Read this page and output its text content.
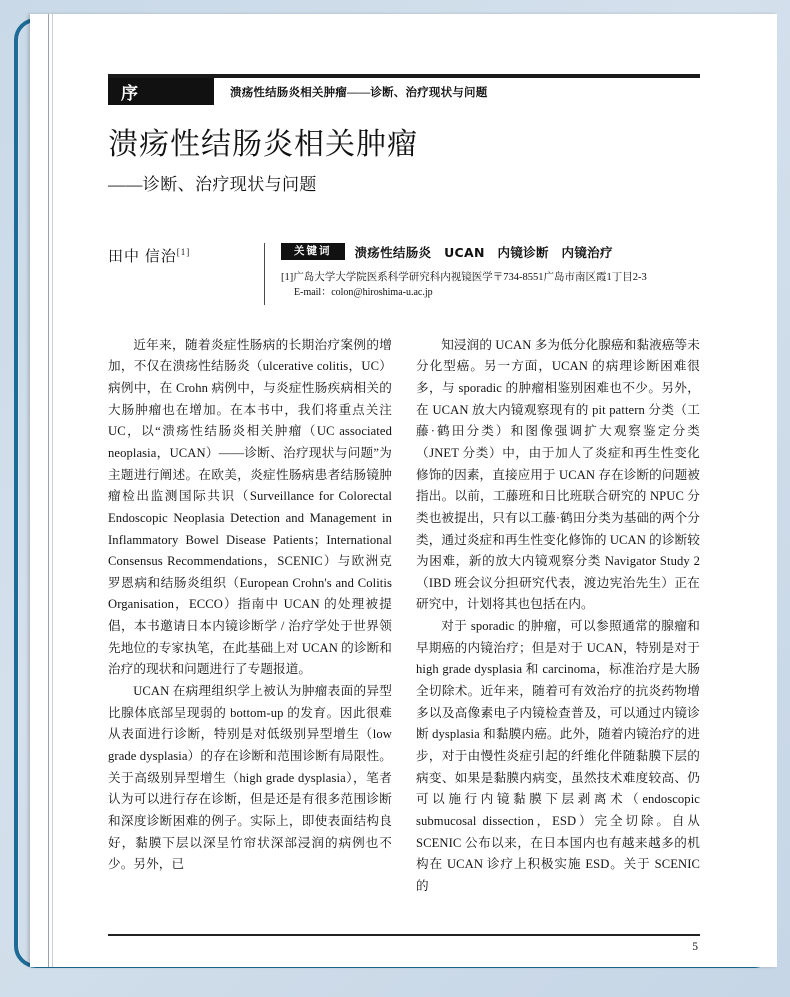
序	溃疡性结肠炎相关肿瘤——诊断、治疗现状与问题
溃疡性结肠炎相关肿瘤
——诊断、治疗现状与问题
田中 信治[1]	关键词	溃疡性结肠炎　UCAN　内镜诊断　内镜治疗
[1]广岛大学大学院医系科学研究科内视镜医学〒734-8551广岛市南区霞1丁目2-3
E-mail：colon@hiroshima-u.ac.jp

近年来，随着炎症性肠病的长期治疗案例的增加，不仅在溃疡性结肠炎（ulcerative colitis，UC）病例中，在 Crohn 病例中，与炎症性肠疾病相关的大肠肿瘤也在增加。在本书中，我们将重点关注 UC，以“溃疡性结肠炎相关肿瘤（UC associated neoplasia，UCAN）——诊断、治疗现状与问题”为主题进行阐述。在欧美，炎症性肠病患者结肠镜肿瘤检出监测国际共识（Surveillance for Colorectal Endoscopic Neoplasia Detection and Management in Inflammatory Bowel Disease Patients；International Consensus Recommendations，SCENIC）与欧洲克罗恩病和结肠炎组织（European Crohn's and Colitis Organisation，ECCO）指南中 UCAN 的处理被提倡，本书邀请日本内镜诊断学 / 治疗学处于世界领先地位的专家执笔，在此基础上对 UCAN 的诊断和治疗的现状和问题进行了专题报道。

UCAN 在病理组织学上被认为肿瘤表面的异型比腺体底部呈现弱的 bottom-up 的发育。因此很难从表面进行诊断，特别是对低级别异型增生（low grade dysplasia）的存在诊断和范围诊断有局限性。关于高级别异型增生（high grade dysplasia），笔者认为可以进行存在诊断，但是还是有很多范围诊断和深度诊断困难的例子。实际上，即使表面结构良好，黏膜下层以深呈竹帘状深部浸润的病例也不少。另外，已

知浸润的 UCAN 多为低分化腺癌和黏液癌等未分化型癌。另一方面，UCAN 的病理诊断困难很多，与 sporadic 的肿瘤相鉴别困难也不少。另外，在 UCAN 放大内镜观察现有的 pit pattern 分类（工藤·鹤田分类）和图像强调扩大观察鉴定分类（JNET 分类）中，由于加人了炎症和再生性变化修饰的因素，直接应用于 UCAN 存在诊断的问题被指出。以前，工藤班和日比班联合研究的 NPUC 分类也被提出，只有以工藤·鹤田分类为基础的两个分类，通过炎症和再生性变化修饰的 UCAN 的诊断较为困难，新的放大内镜观察分类 Navigator Study 2（IBD 班会议分担研究代表，渡边宪治先生）正在研究中，计划将其也包括在内。

对于 sporadic 的肿瘤，可以参照通常的腺瘤和早期癌的内镜治疗；但是对于 UCAN，特别是对于 high grade dysplasia 和 carcinoma，标准治疗是大肠全切除术。近年来，随着可有效治疗的抗炎药物增多以及高像素电子内镜检查普及，可以通过内镜诊断 dysplasia 和黏膜内癌。此外，随着内镜治疗的进步，对于由慢性炎症引起的纤维化伴随黏膜下层的病变、如果是黏膜内病变，虽然技术难度较高、仍可以施行内镜黏膜下层剥离术（endoscopic submucosal dissection，ESD）完全切除。自从 SCENIC 公布以来，在日本国内也有越来越多的机构在 UCAN 诊疗上积极实施 ESD。关于 SCENIC 的

5
